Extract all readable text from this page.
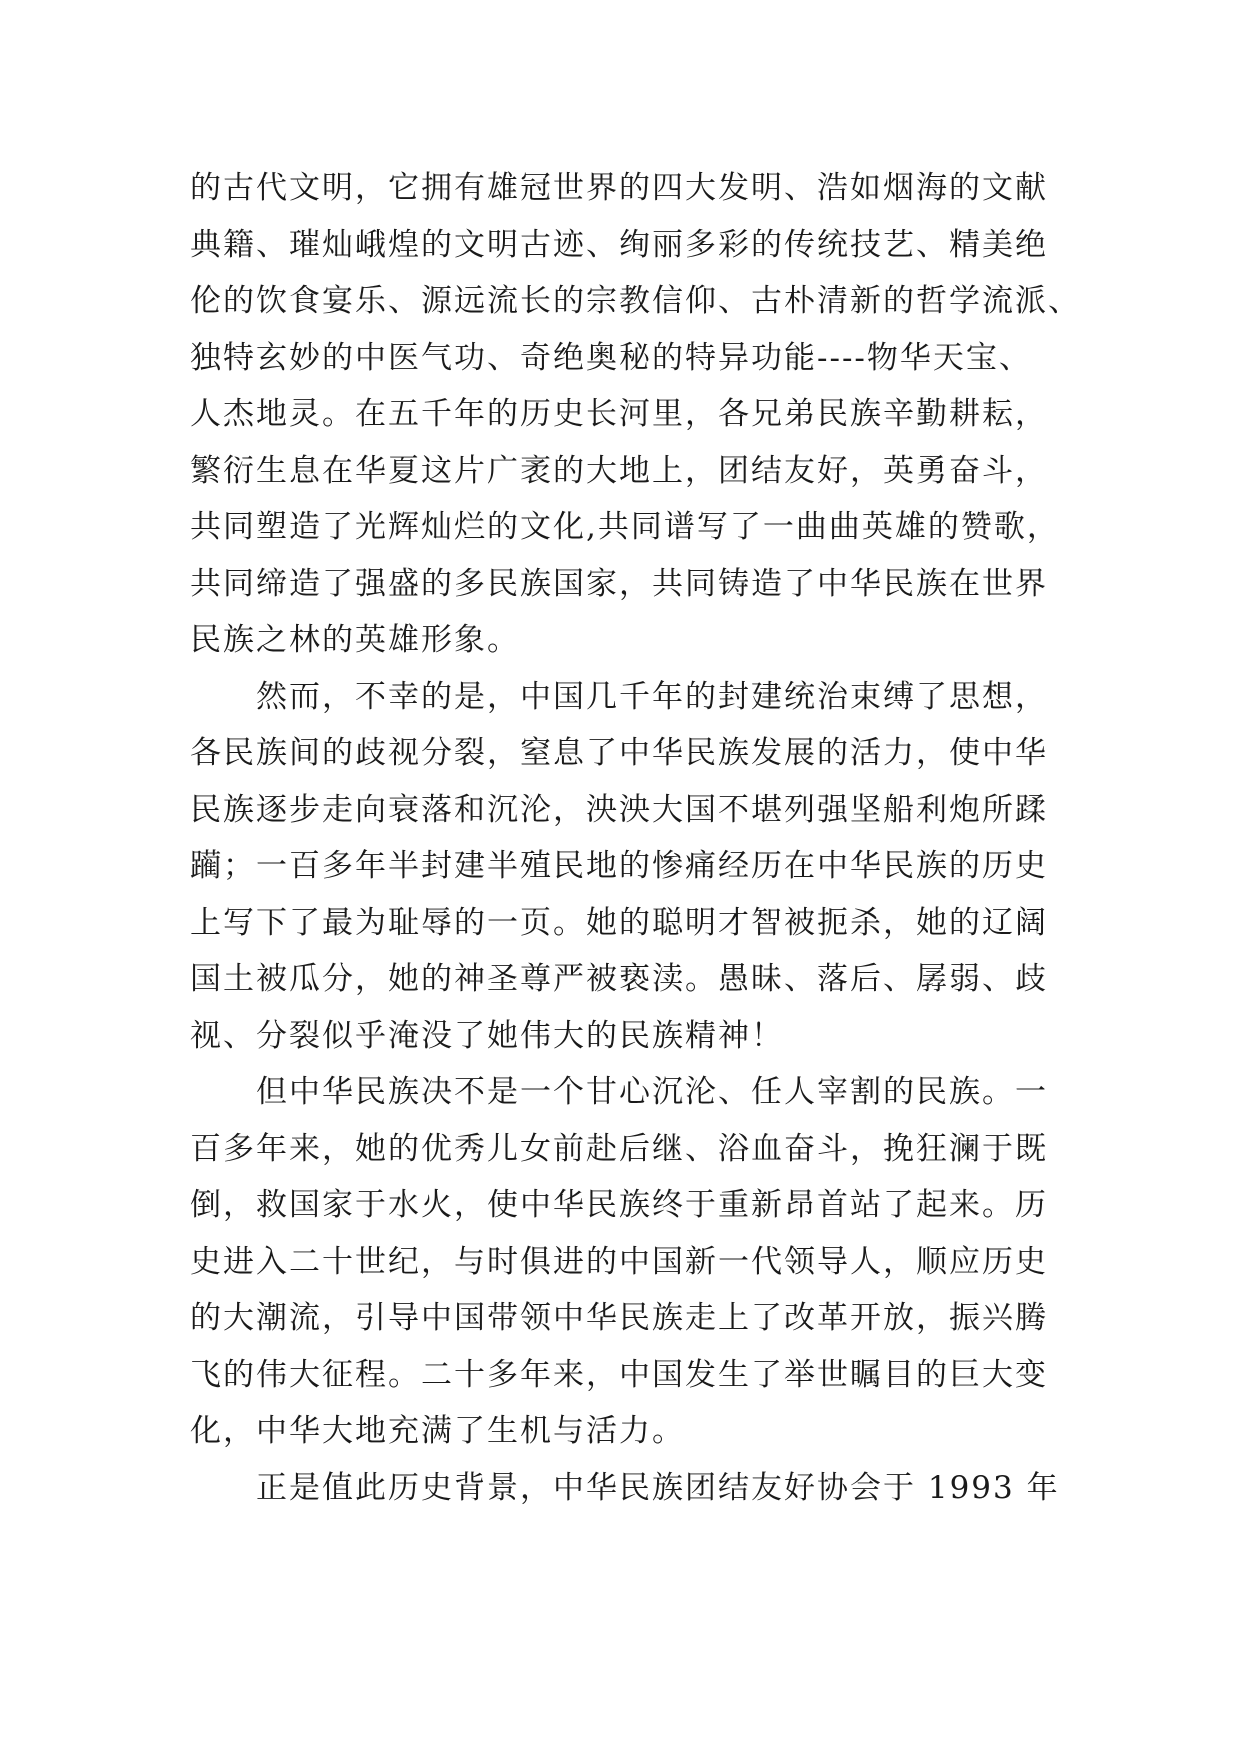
的古代文明，它拥有雄冠世界的四大发明、浩如烟海的文献
典籍、璀灿峨煌的文明古迹、绚丽多彩的传统技艺、精美绝
伦的饮食宴乐、源远流长的宗教信仰、古朴清新的哲学流派、
独特玄妙的中医气功、奇绝奥秘的特异功能----物华天宝、
人杰地灵。在五千年的历史长河里，各兄弟民族辛勤耕耘，
繁衍生息在华夏这片广袤的大地上，团结友好，英勇奋斗，
共同塑造了光辉灿烂的文化,共同谱写了一曲曲英雄的赞歌，
共同缔造了强盛的多民族国家，共同铸造了中华民族在世界
民族之林的英雄形象。
然而，不幸的是，中国几千年的封建统治束缚了思想，
各民族间的歧视分裂，窒息了中华民族发展的活力，使中华
民族逐步走向衰落和沉沦，泱泱大国不堪列强坚船利炮所蹂
躏；一百多年半封建半殖民地的惨痛经历在中华民族的历史
上写下了最为耻辱的一页。她的聪明才智被扼杀，她的辽阔
国土被瓜分，她的神圣尊严被亵渎。愚昧、落后、孱弱、歧
视、分裂似乎淹没了她伟大的民族精神！
但中华民族决不是一个甘心沉沦、任人宰割的民族。一
百多年来，她的优秀儿女前赴后继、浴血奋斗，挽狂澜于既
倒，救国家于水火，使中华民族终于重新昂首站了起来。历
史进入二十世纪，与时俱进的中国新一代领导人，顺应历史
的大潮流，引导中国带领中华民族走上了改革开放，振兴腾
飞的伟大征程。二十多年来，中国发生了举世瞩目的巨大变
化，中华大地充满了生机与活力。
正是值此历史背景，中华民族团结友好协会于 1993 年
